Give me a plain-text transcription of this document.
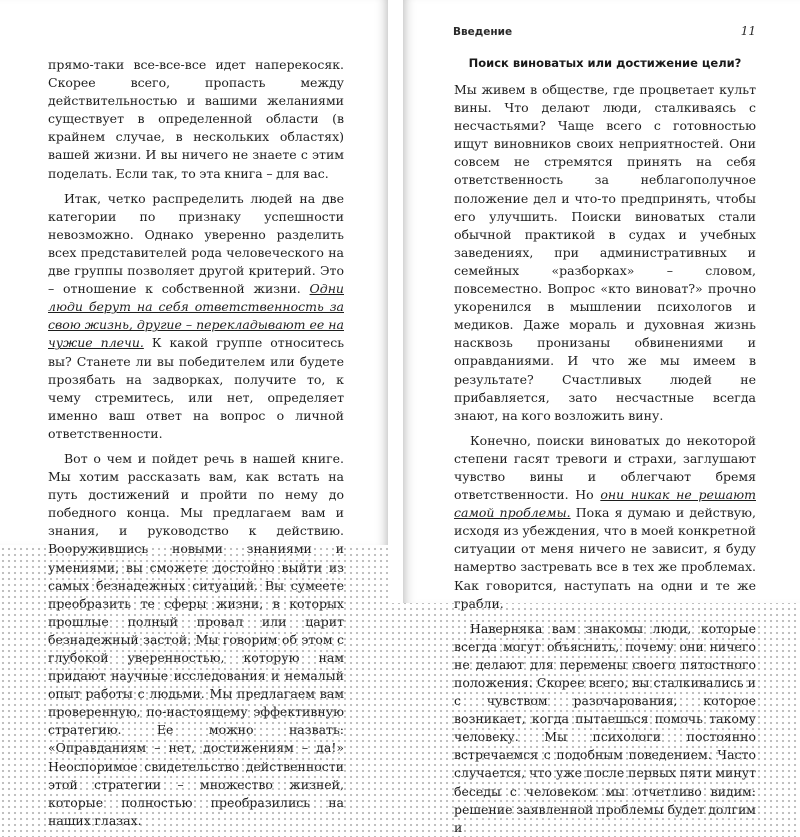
прямо-таки все-все-все идет наперекосяк. Скорее всего, пропасть между действительностью и вашими желаниями существует в определенной области (в крайнем случае, в нескольких областях) вашей жизни. И вы ничего не знаете с этим поделать. Если так, то эта книга – для вас.

Итак, четко распределить людей на две категории по признаку успешности невозможно. Однако уверенно разделить всех представителей рода человеческого на две группы позволяет другой критерий. Это – отношение к собственной жизни. Одни люди берут на себя ответственность за свою жизнь, другие – перекладывают ее на чужие плечи. К какой группе относитесь вы? Станете ли вы победителем или будете прозябать на задворках, получите то, к чему стремитесь, или нет, определяет именно ваш ответ на вопрос о личной ответственности.

Вот о чем и пойдет речь в нашей книге. Мы хотим рассказать вам, как встать на путь достижений и пройти по нему до победного конца. Мы предлагаем вам и знания, и руководство к действию. Вооружившись новыми знаниями и умениями, вы сможете достойно выйти из самых безнадежных ситуаций. Вы сумеете преобразить те сферы жизни, в которых прошлые полный провал или царит безнадежный застой. Мы говорим об этом с глубокой уверенностью, которую нам придают научные исследования и немалый опыт работы с людьми. Мы предлагаем вам проверенную, по-настоящему эффективную стратегию. Ее можно назвать: «Оправданиям – нет, достижениям – да!» Неоспоримое свидетельство действенности этой стратегии – множество жизней, которые полностью преобразились на наших глазах.

Введение	11
Поиск виноватых или достижение цели?

Мы живем в обществе, где процветает культ вины. Что делают люди, сталкиваясь с несчастьями? Чаще всего с готовностью ищут виновников своих неприятностей. Они совсем не стремятся принять на себя ответственность за неблагополучное положение дел и что-то предпринять, чтобы его улучшить. Поиски виноватых стали обычной практикой в судах и учебных заведениях, при административных и семейных «разборках» – словом, повсеместно. Вопрос «кто виноват?» прочно укоренился в мышлении психологов и медиков. Даже мораль и духовная жизнь насквозь пронизаны обвинениями и оправданиями. И что же мы имеем в результате? Счастливых людей не прибавляется, зато несчастные всегда знают, на кого возложить вину.

Конечно, поиски виноватых до некоторой степени гасят тревоги и страхи, заглушают чувство вины и облегчают бремя ответственности. Но они никак не решают самой проблемы. Пока я думаю и действую, исходя из убеждения, что в моей конкретной ситуации от меня ничего не зависит, я буду намертво застревать все в тех же проблемах. Как говорится, наступать на одни и те же грабли.

Наверняка вам знакомы люди, которые всегда могут объяснить, почему они ничего не делают для перемены своего пятостного положения. Скорее всего, вы сталкивались и с чувством разочарования, которое возникает, когда пытаешься помочь такому человеку. Мы психологи постоянно встречаемся с подобным поведением. Часто случается, что уже после первых пяти минут беседы с человеком мы отчетливо видим: решение заявленной проблемы будет долгим и
